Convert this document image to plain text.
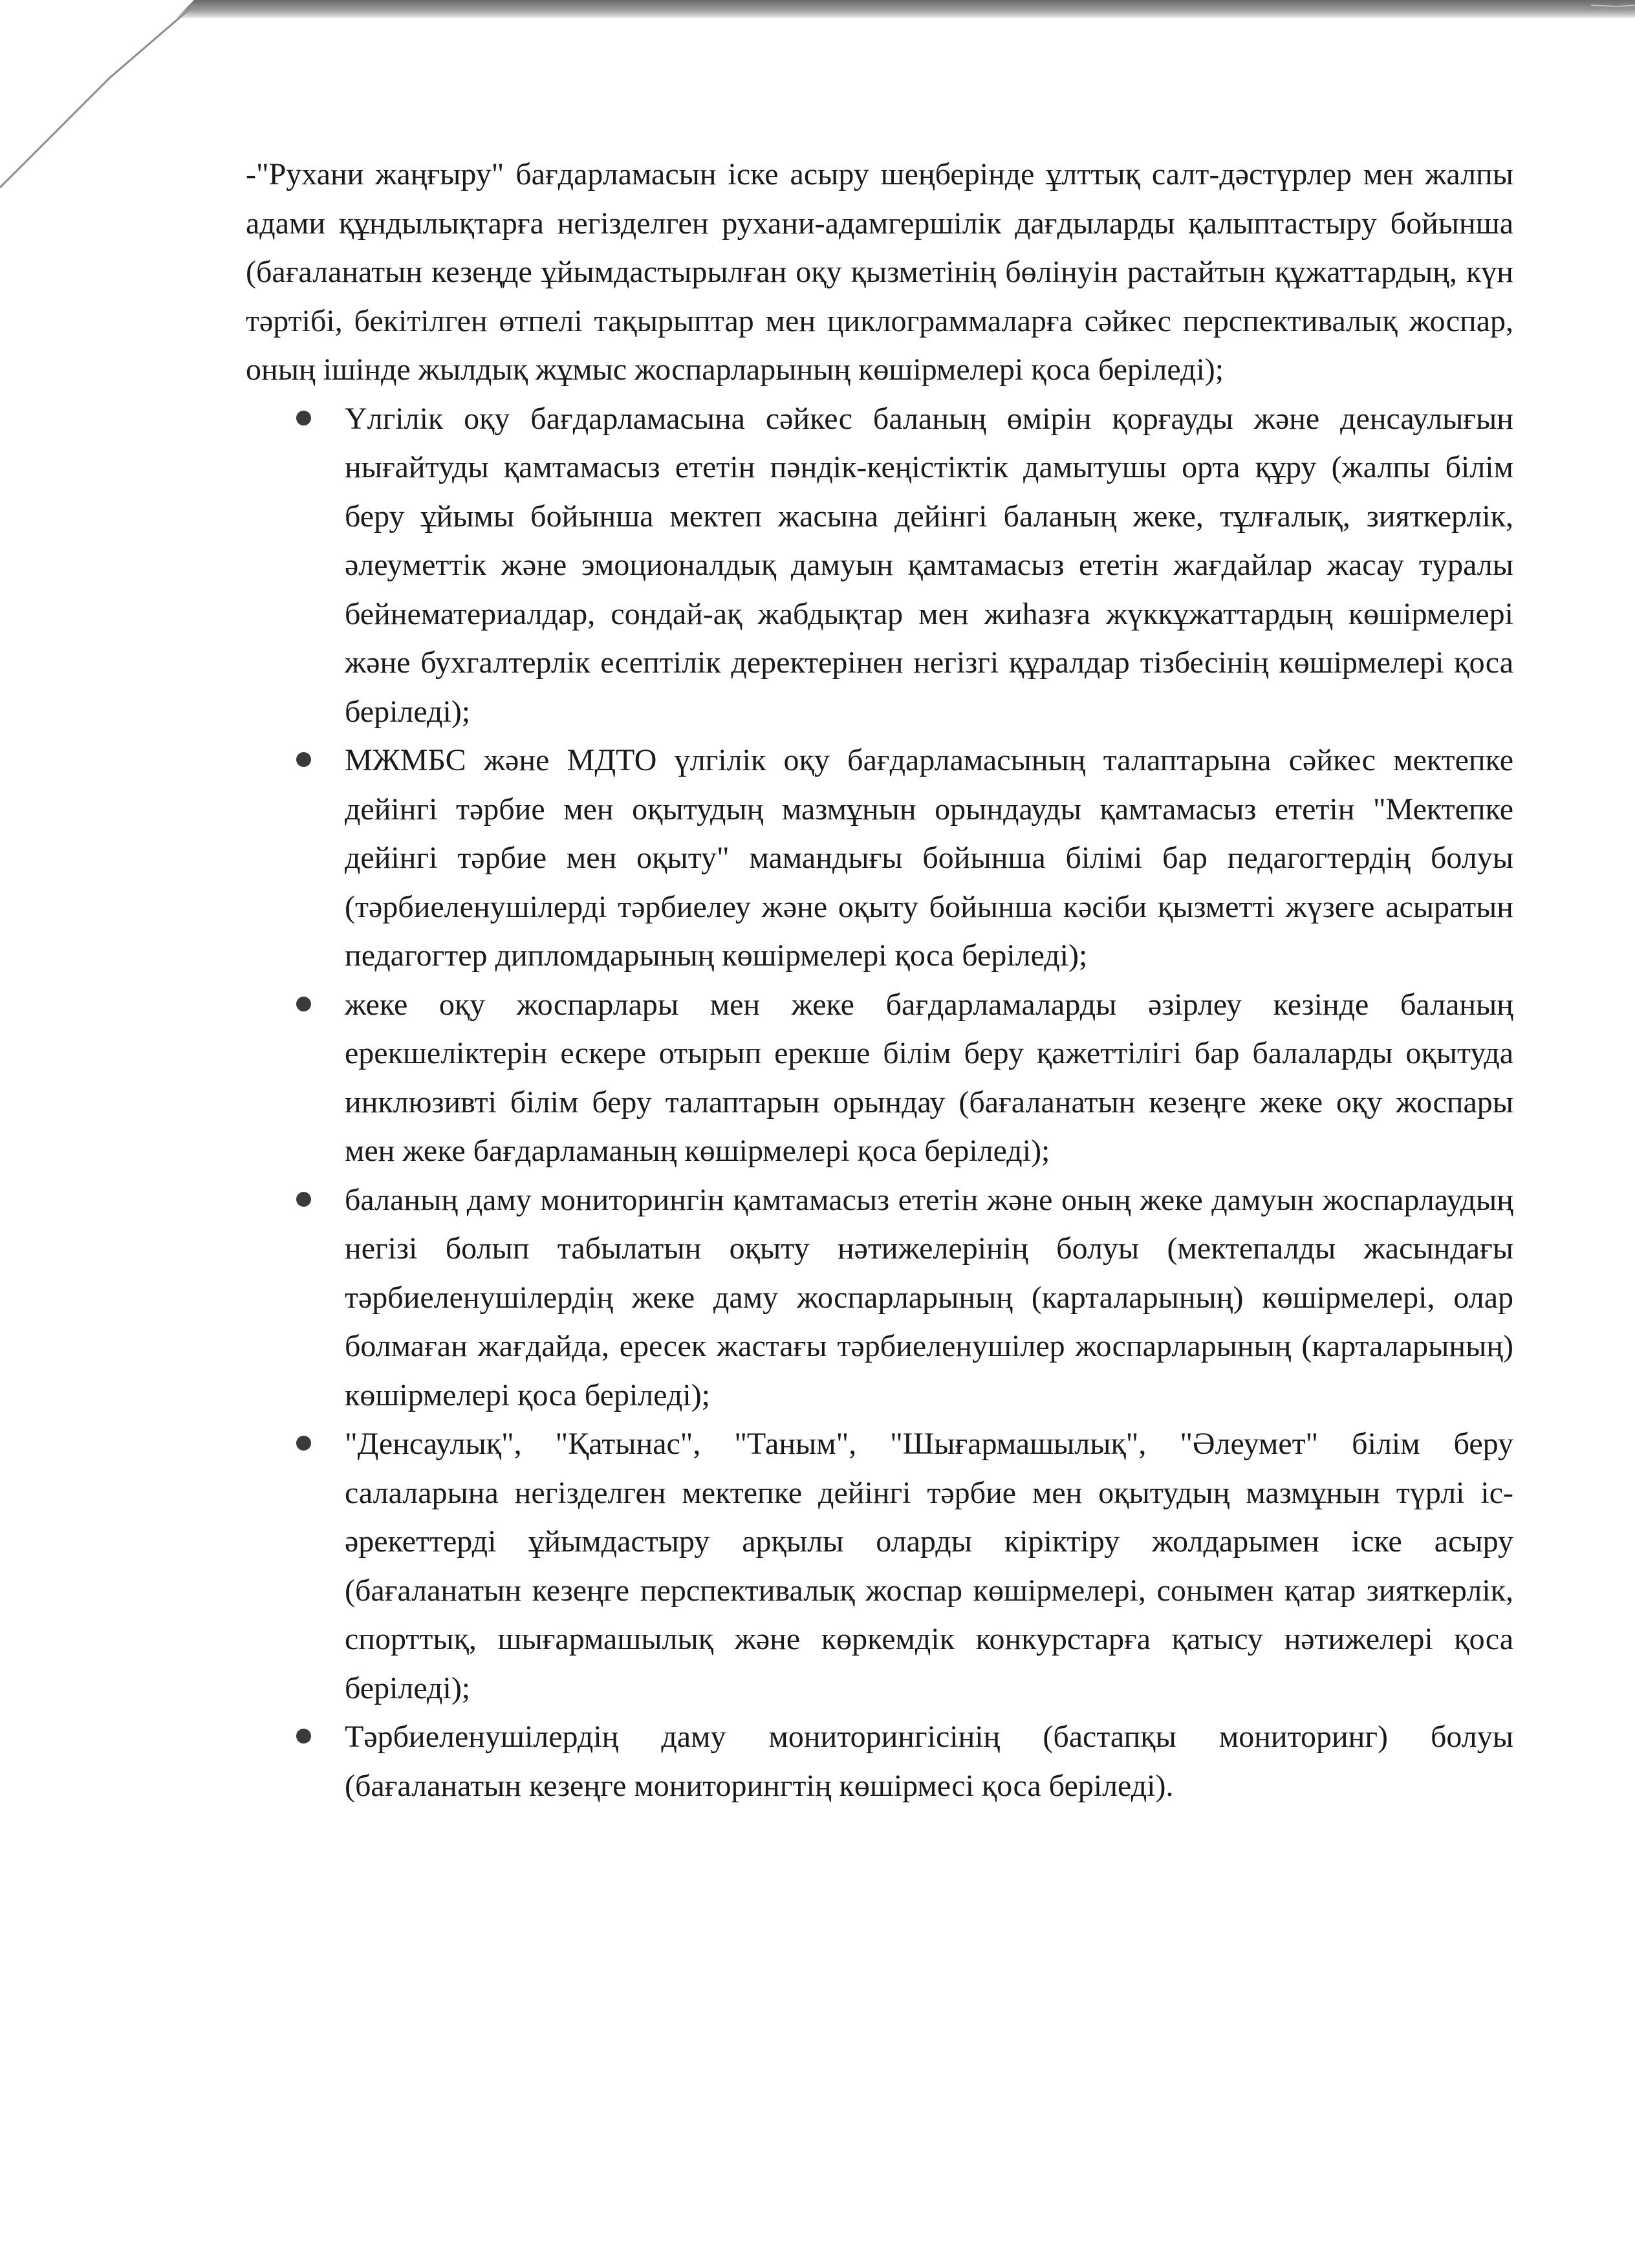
-"Рухани жаңғыру" бағдарламасын іске асыру шеңберінде ұлттық салт-дәстүрлер мен жалпы адами құндылықтарға негізделген рухани-адамгершілік дағдыларды қалыптастыру бойынша (бағаланатын кезеңде ұйымдастырылған оқу қызметінің бөлінуін растайтын құжаттардың, күн тәртібі, бекітілген өтпелі тақырыптар мен циклограммаларға сәйкес перспективалық жоспар, оның ішінде жылдық жұмыс жоспарларының көшірмелері қоса беріледі);

Үлгілік оқу бағдарламасына сәйкес баланың өмірін қорғауды және денсаулығын нығайтуды қамтамасыз ететін пәндік-кеңістіктік дамытушы орта құру (жалпы білім беру ұйымы бойынша мектеп жасына дейінгі баланың жеке, тұлғалық, зияткерлік, әлеуметтік және эмоционалдық дамуын қамтамасыз ететін жағдайлар жасау туралы бейнематериалдар, сондай-ақ жабдықтар мен жиһазға жүккұжаттардың көшірмелері және бухгалтерлік есептілік деректерінен негізгі құралдар тізбесінің көшірмелері қоса беріледі);
МЖМБС және МДТО үлгілік оқу бағдарламасының талаптарына сәйкес мектепке дейінгі тәрбие мен оқытудың мазмұнын орындауды қамтамасыз ететін "Мектепке дейінгі тәрбие мен оқыту" мамандығы бойынша білімі бар педагогтердің болуы (тәрбиеленушілерді тәрбиелеу және оқыту бойынша кәсіби қызметті жүзеге асыратын педагогтер дипломдарының көшірмелері қоса беріледі);
жеке оқу жоспарлары мен жеке бағдарламаларды әзірлеу кезінде баланың ерекшеліктерін ескере отырып ерекше білім беру қажеттілігі бар балаларды оқытуда инклюзивті білім беру талаптарын орындау (бағаланатын кезеңге жеке оқу жоспары мен жеке бағдарламаның көшірмелері қоса беріледі);
баланың даму мониторингін қамтамасыз ететін және оның жеке дамуын жоспарлаудың негізі болып табылатын оқыту нәтижелерінің болуы (мектепалды жасындағы тәрбиеленушілердің жеке даму жоспарларының (карталарының) көшірмелері, олар болмаған жағдайда, ересек жастағы тәрбиеленушілер жоспарларының (карталарының) көшірмелері қоса беріледі);
"Денсаулық", "Қатынас", "Таным", "Шығармашылық", "Әлеумет" білім беру салаларына негізделген мектепке дейінгі тәрбие мен оқытудың мазмұнын түрлі іс-әрекеттерді ұйымдастыру арқылы оларды кіріктіру жолдарымен іске асыру (бағаланатын кезеңге перспективалық жоспар көшірмелері, сонымен қатар зияткерлік, спорттық, шығармашылық және көркемдік конкурстарға қатысу нәтижелері қоса беріледі);
Тәрбиеленушілердің даму мониторингісінің (бастапқы мониторинг) болуы (бағаланатын кезеңге мониторингтің көшірмесі қоса беріледі).
